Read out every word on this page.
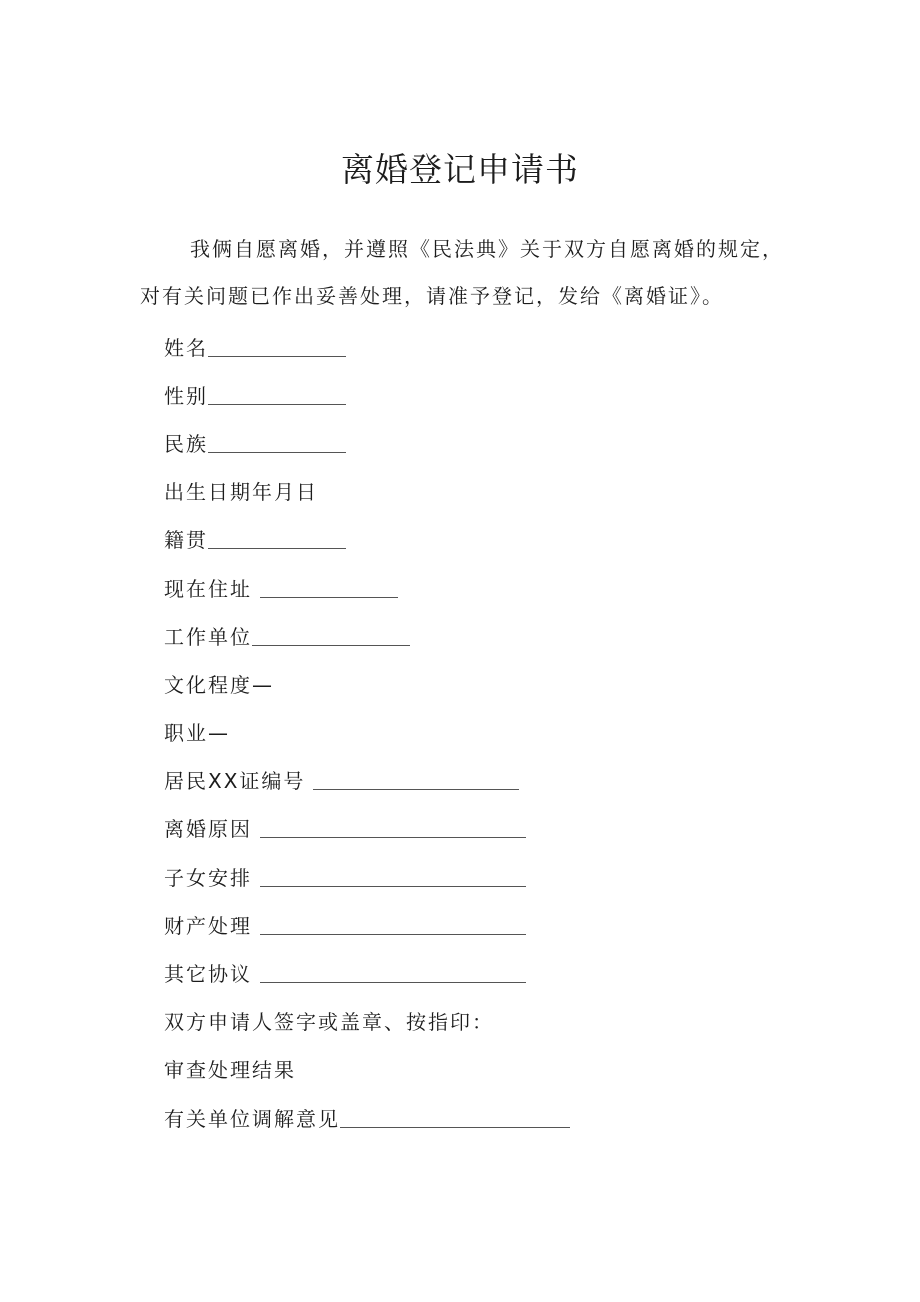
离婚登记申请书
我俩自愿离婚，并遵照《民法典》关于双方自愿离婚的规定，
对有关问题已作出妥善处理，请准予登记，发给《离婚证》。
姓名
性别
民族
出生日期年月日
籍贯
现在住址
工作单位
文化程度—
职业—
居民XX证编号
离婚原因
子女安排
财产处理
其它协议
双方申请人签字或盖章、按指印：
审查处理结果
有关单位调解意见
